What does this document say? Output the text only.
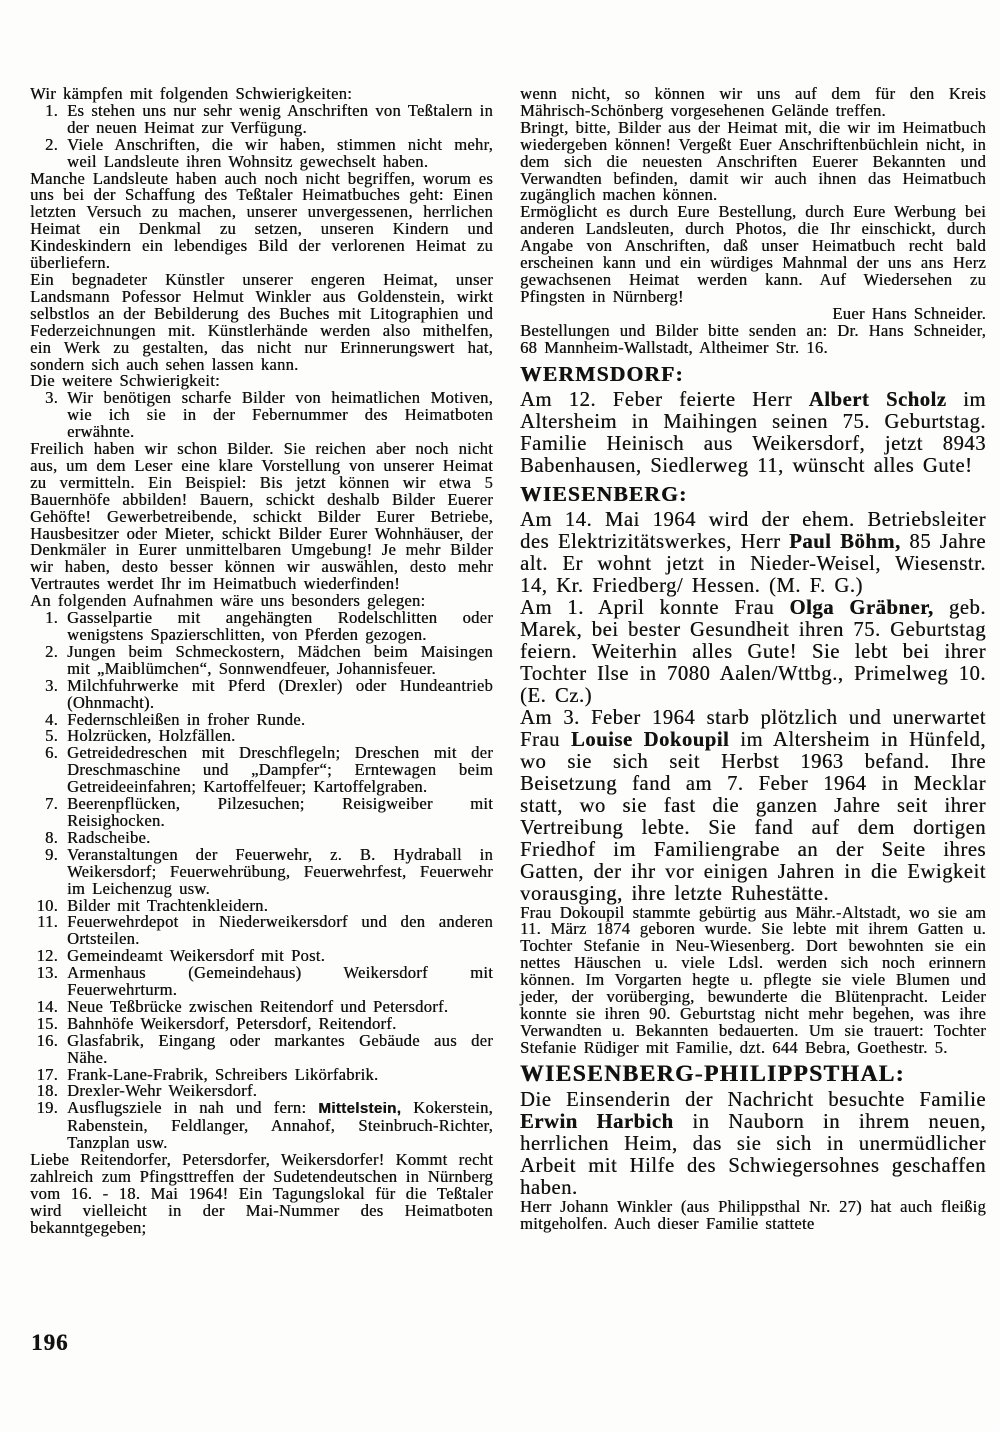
Wir kämpfen mit folgenden Schwierigkeiten:

1. Es stehen uns nur sehr wenig Anschriften von Teßtalern in der neuen Heimat zur Verfügung.
2. Viele Anschriften, die wir haben, stimmen nicht mehr, weil Landsleute ihren Wohnsitz gewechselt haben.

Manche Landsleute haben auch noch nicht begriffen, worum es uns bei der Schaffung des Teßtaler Heimatbuches geht: Einen letzten Versuch zu machen, unserer unvergessenen, herrlichen Heimat ein Denkmal zu setzen, unseren Kindern und Kindeskindern ein lebendiges Bild der verlorenen Heimat zu überliefern.

Ein begnadeter Künstler unserer engeren Heimat, unser Landsmann Pofessor Helmut Winkler aus Goldenstein, wirkt selbstlos an der Bebilderung des Buches mit Litographien und Federzeichnungen mit. Künstlerhände werden also mithelfen, ein Werk zu gestalten, das nicht nur Erinnerungswert hat, sondern sich auch sehen lassen kann.

Die weitere Schwierigkeit:

3. Wir benötigen scharfe Bilder von heimatlichen Motiven, wie ich sie in der Febernummer des Heimatboten erwähnte.

Freilich haben wir schon Bilder. Sie reichen aber noch nicht aus, um dem Leser eine klare Vorstellung von unserer Heimat zu vermitteln. Ein Beispiel: Bis jetzt können wir etwa 5 Bauernhöfe abbilden! Bauern, schickt deshalb Bilder Euerer Gehöfte! Gewerbetreibende, schickt Bilder Eurer Betriebe, Hausbesitzer oder Mieter, schickt Bilder Eurer Wohnhäuser, der Denkmäler in Eurer unmittelbaren Umgebung! Je mehr Bilder wir haben, desto besser können wir auswählen, desto mehr Vertrautes werdet Ihr im Heimatbuch wiederfinden!

An folgenden Aufnahmen wäre uns besonders gelegen:

1. Gasselpartie mit angehängten Rodelschlitten oder wenigstens Spazierschlitten, von Pferden gezogen.
2. Jungen beim Schmeckostern, Mädchen beim Maisingen mit „Maiblümchen“, Sonnwendfeuer, Johannisfeuer.
3. Milchfuhrwerke mit Pferd (Drexler) oder Hundeantrieb (Ohnmacht).
4. Federnschleißen in froher Runde.
5. Holzrücken, Holzfällen.
6. Getreidedreschen mit Dreschflegeln; Dreschen mit der Dreschmaschine und „Dampfer“; Erntewagen beim Getreideeinfahren; Kartoffelfeuer; Kartoffelgraben.
7. Beerenpflücken, Pilzesuchen; Reisigweiber mit Reisighocken.
8. Radscheibe.
9. Veranstaltungen der Feuerwehr, z. B. Hydraball in Weikersdorf; Feuerwehrübung, Feuerwehrfest, Feuerwehr im Leichenzug usw.
10. Bilder mit Trachtenkleidern.
11. Feuerwehrdepot in Niederweikersdorf und den anderen Ortsteilen.
12. Gemeindeamt Weikersdorf mit Post.
13. Armenhaus (Gemeindehaus) Weikersdorf mit Feuerwehrturm.
14. Neue Teßbrücke zwischen Reitendorf und Petersdorf.
15. Bahnhöfe Weikersdorf, Petersdorf, Reitendorf.
16. Glasfabrik, Eingang oder markantes Gebäude aus der Nähe.
17. Frank-Lane-Frabrik, Schreibers Likörfabrik.
18. Drexler-Wehr Weikersdorf.
19. Ausflugsziele in nah und fern: Mittelstein, Kokerstein, Rabenstein, Feldlanger, Annahof, Steinbruch-Richter, Tanzplan usw.

Liebe Reitendorfer, Petersdorfer, Weikersdorfer! Kommt recht zahlreich zum Pfingsttreffen der Sudetendeutschen in Nürnberg vom 16. - 18. Mai 1964! Ein Tagungslokal für die Teßtaler wird vielleicht in der Mai-Nummer des Heimatboten bekanntgegeben;

wenn nicht, so können wir uns auf dem für den Kreis Mährisch-Schönberg vorgesehenen Gelände treffen.

Bringt, bitte, Bilder aus der Heimat mit, die wir im Heimatbuch wiedergeben können! Vergeßt Euer Anschriftenbüchlein nicht, in dem sich die neuesten Anschriften Euerer Bekannten und Verwandten befinden, damit wir auch ihnen das Heimatbuch zugänglich machen können.

Ermöglicht es durch Eure Bestellung, durch Eure Werbung bei anderen Landsleuten, durch Photos, die Ihr einschickt, durch Angabe von Anschriften, daß unser Heimatbuch recht bald erscheinen kann und ein würdiges Mahnmal der uns ans Herz gewachsenen Heimat werden kann. Auf Wiedersehen zu Pfingsten in Nürnberg!

Euer Hans Schneider.

Bestellungen und Bilder bitte senden an: Dr. Hans Schneider, 68 Mannheim-Wallstadt, Altheimer Str. 16.

WERMSDORF:

Am 12. Feber feierte Herr Albert Scholz im Altersheim in Maihingen seinen 75. Geburtstag. Familie Heinisch aus Weikersdorf, jetzt 8943 Babenhausen, Siedlerweg 11, wünscht alles Gute!

WIESENBERG:

Am 14. Mai 1964 wird der ehem. Betriebsleiter des Elektrizitätswerkes, Herr Paul Böhm, 85 Jahre alt. Er wohnt jetzt in Nieder-Weisel, Wiesenstr. 14, Kr. Friedberg/ Hessen. (M. F. G.)

Am 1. April konnte Frau Olga Gräbner, geb. Marek, bei bester Gesundheit ihren 75. Geburtstag feiern. Weiterhin alles Gute! Sie lebt bei ihrer Tochter Ilse in 7080 Aalen/Wttbg., Primelweg 10. (E. Cz.)

Am 3. Feber 1964 starb plötzlich und unerwartet Frau Louise Dokoupil im Altersheim in Hünfeld, wo sie sich seit Herbst 1963 befand. Ihre Beisetzung fand am 7. Feber 1964 in Mecklar statt, wo sie fast die ganzen Jahre seit ihrer Vertreibung lebte. Sie fand auf dem dortigen Friedhof im Familiengrabe an der Seite ihres Gatten, der ihr vor einigen Jahren in die Ewigkeit vorausging, ihre letzte Ruhestätte.

Frau Dokoupil stammte gebürtig aus Mähr.-Altstadt, wo sie am 11. März 1874 geboren wurde. Sie lebte mit ihrem Gatten u. Tochter Stefanie in Neu-Wiesenberg. Dort bewohnten sie ein nettes Häuschen u. viele Ldsl. werden sich noch erinnern können. Im Vorgarten hegte u. pflegte sie viele Blumen und jeder, der vorüberging, bewunderte die Blütenpracht. Leider konnte sie ihren 90. Geburtstag nicht mehr begehen, was ihre Verwandten u. Bekannten bedauerten. Um sie trauert: Tochter Stefanie Rüdiger mit Familie, dzt. 644 Bebra, Goethestr. 5.

WIESENBERG-PHILIPPSTHAL:

Die Einsenderin der Nachricht besuchte Familie Erwin Harbich in Nauborn in ihrem neuen, herrlichen Heim, das sie sich in unermüdlicher Arbeit mit Hilfe des Schwiegersohnes geschaffen haben.

Herr Johann Winkler (aus Philippsthal Nr. 27) hat auch fleißig mitgeholfen. Auch dieser Familie stattete

196
